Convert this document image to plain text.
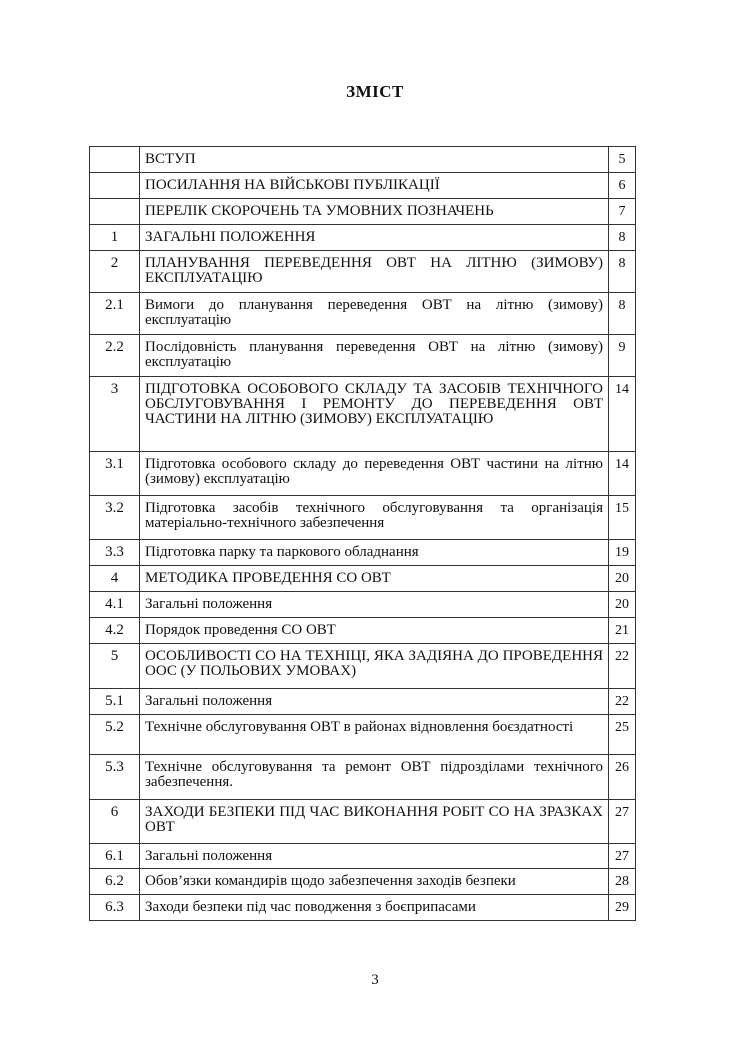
ЗМІСТ
	ВСТУП	5
	ПОСИЛАННЯ НА ВІЙСЬКОВІ ПУБЛІКАЦІЇ	6
	ПЕРЕЛІК СКОРОЧЕНЬ ТА УМОВНИХ ПОЗНАЧЕНЬ	7
1	ЗАГАЛЬНІ ПОЛОЖЕННЯ	8
2	ПЛАНУВАННЯ ПЕРЕВЕДЕННЯ ОВТ НА ЛІТНЮ (ЗИМОВУ) ЕКСПЛУАТАЦІЮ	8
2.1	Вимоги до планування переведення ОВТ на літню (зимову) експлуатацію	8
2.2	Послідовність планування переведення ОВТ на літню (зимову) експлуатацію	9
3	ПІДГОТОВКА ОСОБОВОГО СКЛАДУ ТА ЗАСОБІВ ТЕХНІЧНОГО ОБСЛУГОВУВАННЯ І РЕМОНТУ ДО ПЕРЕВЕДЕННЯ ОВТ ЧАСТИНИ НА ЛІТНЮ (ЗИМОВУ) ЕКСПЛУАТАЦІЮ	14
3.1	Підготовка особового складу до переведення ОВТ частини на літню (зимову) експлуатацію	14
3.2	Підготовка засобів технічного обслуговування та організація матеріально-технічного забезпечення	15
3.3	Підготовка парку та паркового обладнання	19
4	МЕТОДИКА ПРОВЕДЕННЯ СО ОВТ	20
4.1	Загальні положення	20
4.2	Порядок проведення СО ОВТ	21
5	ОСОБЛИВОСТІ СО НА ТЕХНІЦІ, ЯКА ЗАДІЯНА ДО ПРОВЕДЕННЯ ООС (У ПОЛЬОВИХ УМОВАХ)	22
5.1	Загальні положення	22
5.2	Технічне обслуговування ОВТ в районах відновлення боєздатності	25
5.3	Технічне обслуговування та ремонт ОВТ підрозділами технічного забезпечення.	26
6	ЗАХОДИ БЕЗПЕКИ ПІД ЧАС ВИКОНАННЯ РОБІТ СО НА ЗРАЗКАХ ОВТ	27
6.1	Загальні положення	27
6.2	Обов’язки командирів щодо забезпечення заходів безпеки	28
6.3	Заходи безпеки під час поводження з боєприпасами	29
3
